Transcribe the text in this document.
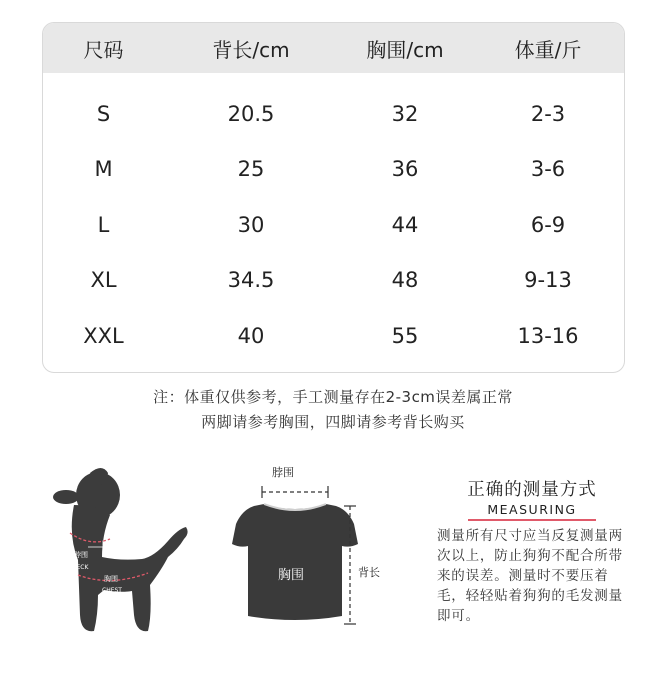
尺码	背长/cm	胸围/cm	体重/斤
S	20.5	32	2-3
M	25	36	3-6
L	30	44	6-9
XL	34.5	48	9-13
XXL	40	55	13-16
注：体重仅供参考，手工测量存在2-3cm误差属正常
两脚请参考胸围，四脚请参考背长购买
脖围
NECK
LENGTH背长
胸围
CHEST
脖围
胸围	背长
正确的测量方式
MEASURING
测量所有尺寸应当反复测量两次以上，防止狗狗不配合所带来的误差。测量时不要压着毛，轻轻贴着狗狗的毛发测量即可。
